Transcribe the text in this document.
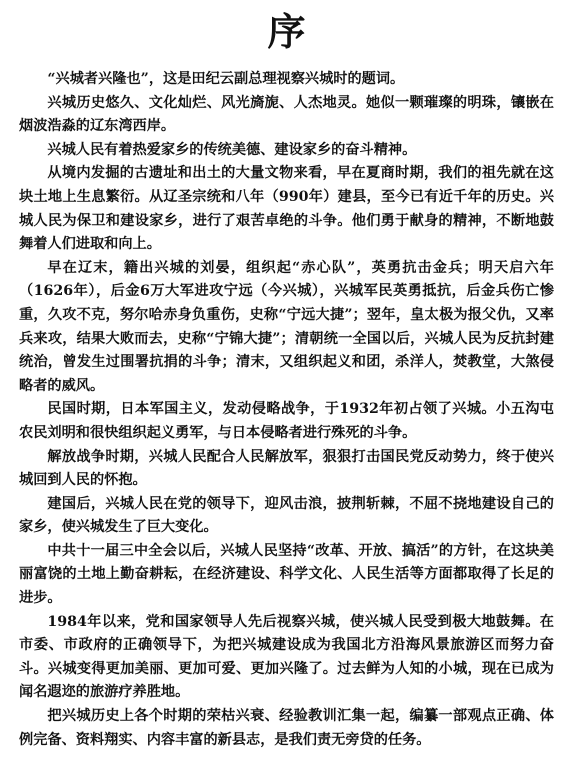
序

“兴城者兴隆也”，这是田纪云副总理视察兴城时的题词。

兴城历史悠久、文化灿烂、风光旖旎、人杰地灵。她似一颗璀璨的明珠，镶嵌在烟波浩淼的辽东湾西岸。

兴城人民有着热爱家乡的传统美德、建设家乡的奋斗精神。

从境内发掘的古遗址和出土的大量文物来看，早在夏商时期，我们的祖先就在这块土地上生息繁衍。从辽圣宗统和八年（990年）建县，至今已有近千年的历史。兴城人民为保卫和建设家乡，进行了艰苦卓绝的斗争。他们勇于献身的精神，不断地鼓舞着人们进取和向上。

早在辽末，籍出兴城的刘晏，组织起“赤心队”，英勇抗击金兵；明天启六年（1626年），后金6万大军进攻宁远（今兴城），兴城军民英勇抵抗，后金兵伤亡惨重，久攻不克，努尔哈赤身负重伤，史称“宁远大捷”；翌年，皇太极为报父仇，又率兵来攻，结果大败而去，史称“宁锦大捷”；清朝统一全国以后，兴城人民为反抗封建统治，曾发生过围署抗捐的斗争；清末，又组织起义和团，杀洋人，焚教堂，大煞侵略者的威风。

民国时期，日本军国主义，发动侵略战争，于1932年初占领了兴城。小五沟屯农民刘明和很快组织起义勇军，与日本侵略者进行殊死的斗争。

解放战争时期，兴城人民配合人民解放军，狠狠打击国民党反动势力，终于使兴城回到人民的怀抱。

建国后，兴城人民在党的领导下，迎风击浪，披荆斩棘，不屈不挠地建设自己的家乡，使兴城发生了巨大变化。

中共十一届三中全会以后，兴城人民坚持“改革、开放、搞活”的方针，在这块美丽富饶的土地上勤奋耕耘，在经济建设、科学文化、人民生活等方面都取得了长足的进步。

1984年以来，党和国家领导人先后视察兴城，使兴城人民受到极大地鼓舞。在市委、市政府的正确领导下，为把兴城建设成为我国北方沿海风景旅游区而努力奋斗。兴城变得更加美丽、更加可爱、更加兴隆了。过去鲜为人知的小城，现在已成为闻名遐迩的旅游疗养胜地。

把兴城历史上各个时期的荣枯兴衰、经验教训汇集一起，编纂一部观点正确、体例完备、资料翔实、内容丰富的新县志，是我们责无旁贷的任务。
